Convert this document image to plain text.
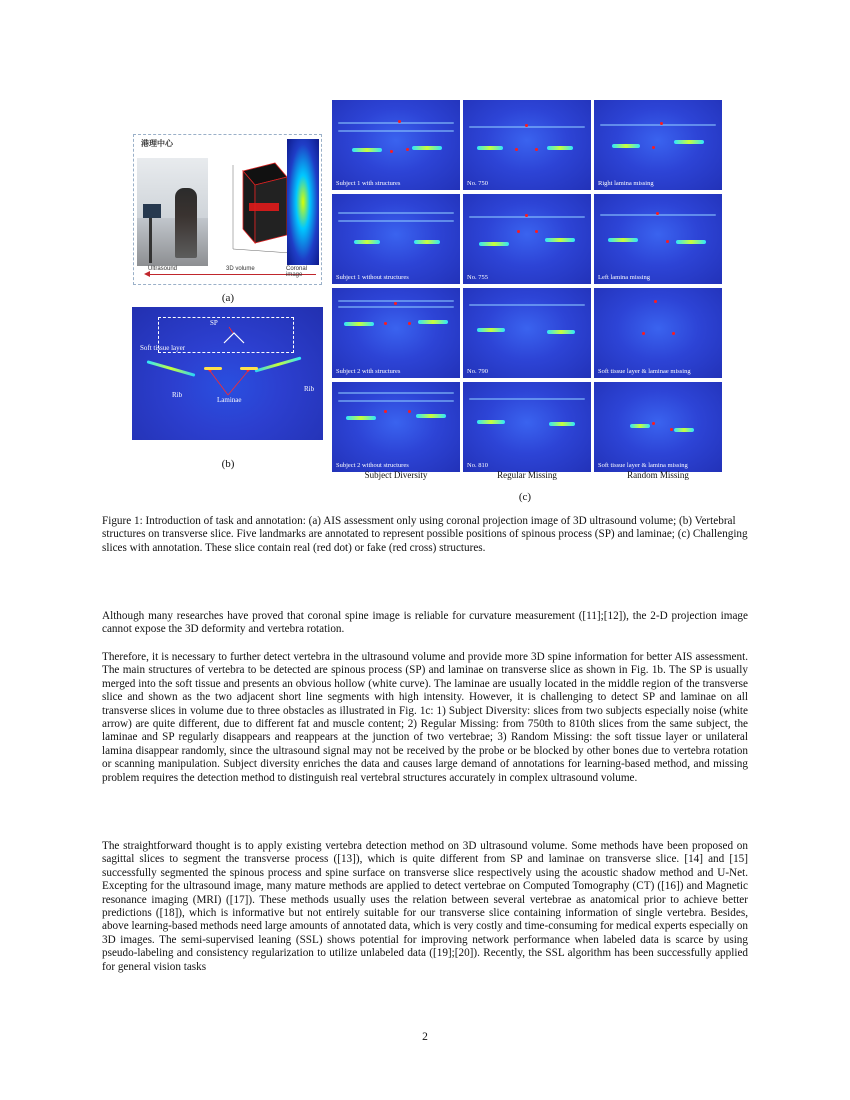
港理中心
Ultrasound	3D volume	Coronal image
(a)
SP
Soft tissue layer
Rib
Rib
Laminae
(b)
Subject 1 with structures	No. 750	Right lamina missing
Subject 1 without structures	No. 755	Left lamina missing
Subject 2 with structures	No. 790	Soft tissue layer & laminae missing
Subject 2 without structures	No. 810	Soft tissue layer & lamina missing
Subject Diversity	Regular Missing	Random Missing
(c)
Figure 1: Introduction of task and annotation: (a) AIS assessment only using coronal projection image of 3D ultrasound volume; (b) Vertebral structures on transverse slice. Five landmarks are annotated to represent possible positions of spinous process (SP) and laminae; (c) Challenging slices with annotation. These slice contain real (red dot) or fake (red cross) structures.

Although many researches have proved that coronal spine image is reliable for curvature measurement ([11];[12]), the 2-D projection image cannot expose the 3D deformity and vertebra rotation.

Therefore, it is necessary to further detect vertebra in the ultrasound volume and provide more 3D spine information for better AIS assessment. The main structures of vertebra to be detected are spinous process (SP) and laminae on transverse slice as shown in Fig. 1b. The SP is usually merged into the soft tissue and presents an obvious hollow (white curve). The laminae are usually located in the middle region of the transverse slice and shown as the two adjacent short line segments with high intensity. However, it is challenging to detect SP and laminae on all transverse slices in volume due to three obstacles as illustrated in Fig. 1c: 1) Subject Diversity: slices from two subjects especially noise (white arrow) are quite different, due to different fat and muscle content; 2) Regular Missing: from 750th to 810th slices from the same subject, the laminae and SP regularly disappears and reappears at the junction of two vertebrae; 3) Random Missing: the soft tissue layer or unilateral lamina disappear randomly, since the ultrasound signal may not be received by the probe or be blocked by other bones due to vertebra rotation or scanning manipulation. Subject diversity enriches the data and causes large demand of annotations for learning-based method, and missing problem requires the detection method to distinguish real vertebral structures accurately in complex ultrasound volume.

The straightforward thought is to apply existing vertebra detection method on 3D ultrasound volume. Some methods have been proposed on sagittal slices to segment the transverse process ([13]), which is quite different from SP and laminae on transverse slice. [14] and [15] successfully segmented the spinous process and spine surface on transverse slice respectively using the acoustic shadow method and U-Net. Excepting for the ultrasound image, many mature methods are applied to detect vertebrae on Computed Tomography (CT) ([16]) and Magnetic resonance imaging (MRI) ([17]). These methods usually uses the relation between several vertebrae as anatomical prior to achieve better predictions ([18]), which is informative but not entirely suitable for our transverse slice containing information of single vertebra. Besides, above learning-based methods need large amounts of annotated data, which is very costly and time-consuming for medical experts especially on 3D images. The semi-supervised leaning (SSL) shows potential for improving network performance when labeled data is scarce by using pseudo-labeling and consistency regularization to utilize unlabeled data ([19];[20]). Recently, the SSL algorithm has been successfully applied for general vision tasks

2
